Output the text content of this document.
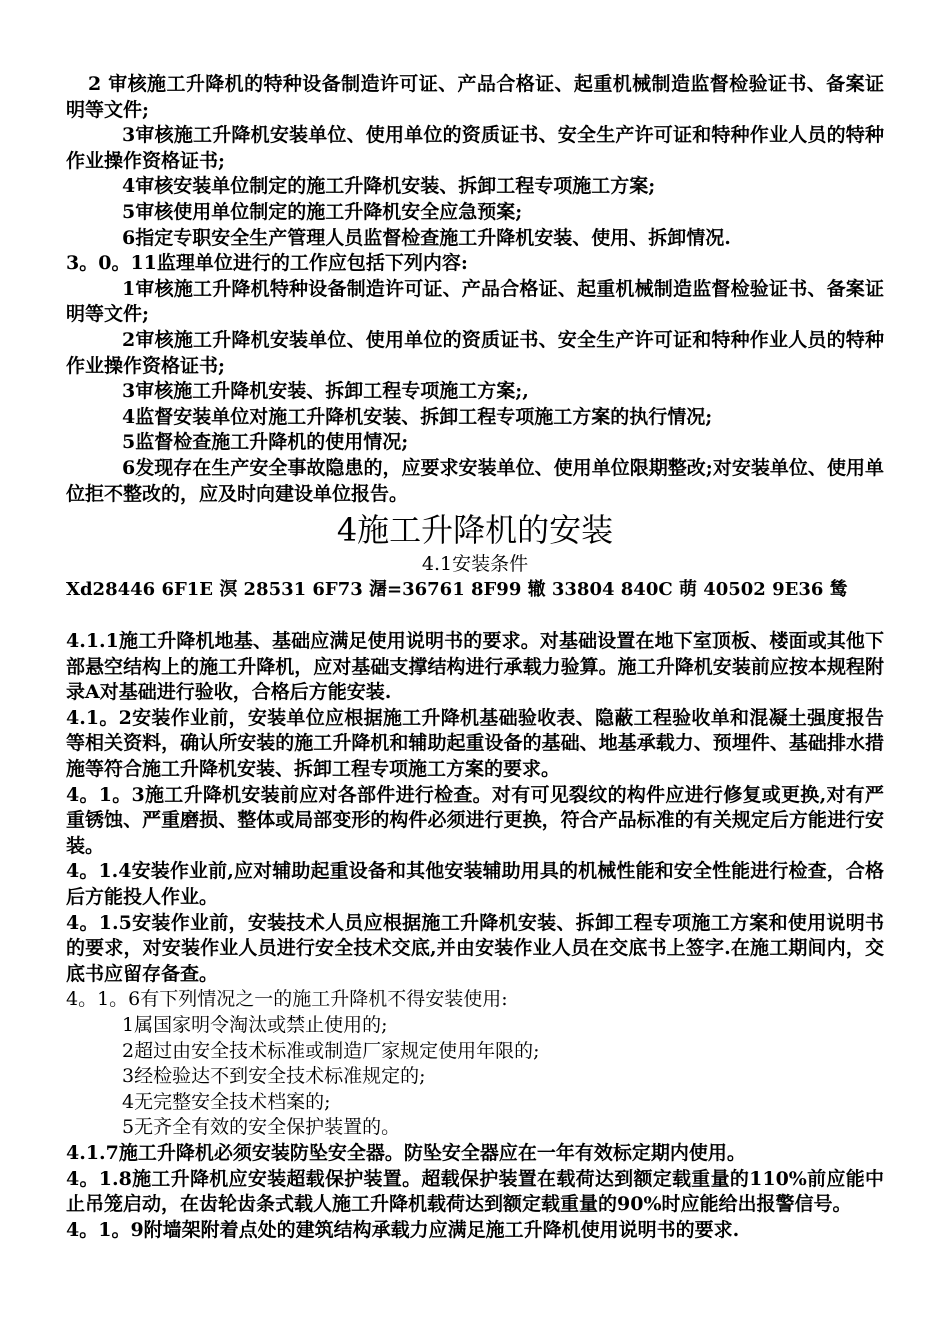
2 审核施工升降机的特种设备制造许可证、产品合格证、起重机械制造监督检验证书、备案证明等文件;

3审核施工升降机安装单位、使用单位的资质证书、安全生产许可证和特种作业人员的特种作业操作资格证书;

4审核安装单位制定的施工升降机安装、拆卸工程专项施工方案;

5审核使用单位制定的施工升降机安全应急预案;

6指定专职安全生产管理人员监督检查施工升降机安装、使用、拆卸情况.

3。0。11监理单位进行的工作应包括下列内容:

1审核施工升降机特种设备制造许可证、产品合格证、起重机械制造监督检验证书、备案证明等文件;

2审核施工升降机安装单位、使用单位的资质证书、安全生产许可证和特种作业人员的特种作业操作资格证书;

3审核施工升降机安装、拆卸工程专项施工方案;,

4监督安装单位对施工升降机安装、拆卸工程专项施工方案的执行情况;

5监督检查施工升降机的使用情况;

6发现存在生产安全事故隐患的，应要求安装单位、使用单位限期整改;对安装单位、使用单位拒不整改的，应及时向建设单位报告。

4施工升降机的安装
4.1安装条件

Xd28446 6F1E 溟 28531 6F73 潳=36761 8F99 辙 33804 840C 萌 40502 9E36 鸶

4.1.1施工升降机地基、基础应满足使用说明书的要求。对基础设置在地下室顶板、楼面或其他下部悬空结构上的施工升降机，应对基础支撑结构进行承载力验算。施工升降机安装前应按本规程附录A对基础进行验收，合格后方能安装.

4.1。2安装作业前，安装单位应根据施工升降机基础验收表、隐蔽工程验收单和混凝土强度报告等相关资料，确认所安装的施工升降机和辅助起重设备的基础、地基承载力、预埋件、基础排水措施等符合施工升降机安装、拆卸工程专项施工方案的要求。

4。1。3施工升降机安装前应对各部件进行检查。对有可见裂纹的构件应进行修复或更换,对有严重锈蚀、严重磨损、整体或局部变形的构件必须进行更换，符合产品标准的有关规定后方能进行安装。

4。1.4安装作业前,应对辅助起重设备和其他安装辅助用具的机械性能和安全性能进行检查，合格后方能投人作业。

4。1.5安装作业前，安装技术人员应根据施工升降机安装、拆卸工程专项施工方案和使用说明书的要求，对安装作业人员进行安全技术交底,并由安装作业人员在交底书上签字.在施工期间内，交底书应留存备查。

4。1。6有下列情况之一的施工升降机不得安装使用:

1属国家明令淘汰或禁止使用的;

2超过由安全技术标准或制造厂家规定使用年限的;

3经检验达不到安全技术标准规定的;

4无完整安全技术档案的;

5无齐全有效的安全保护装置的。

4.1.7施工升降机必须安装防坠安全器。防坠安全器应在一年有效标定期内使用。

4。1.8施工升降机应安装超载保护装置。超载保护装置在载荷达到额定载重量的110%前应能中止吊笼启动，在齿轮齿条式载人施工升降机载荷达到额定载重量的90%时应能给出报警信号。

4。1。9附墙架附着点处的建筑结构承载力应满足施工升降机使用说明书的要求.
